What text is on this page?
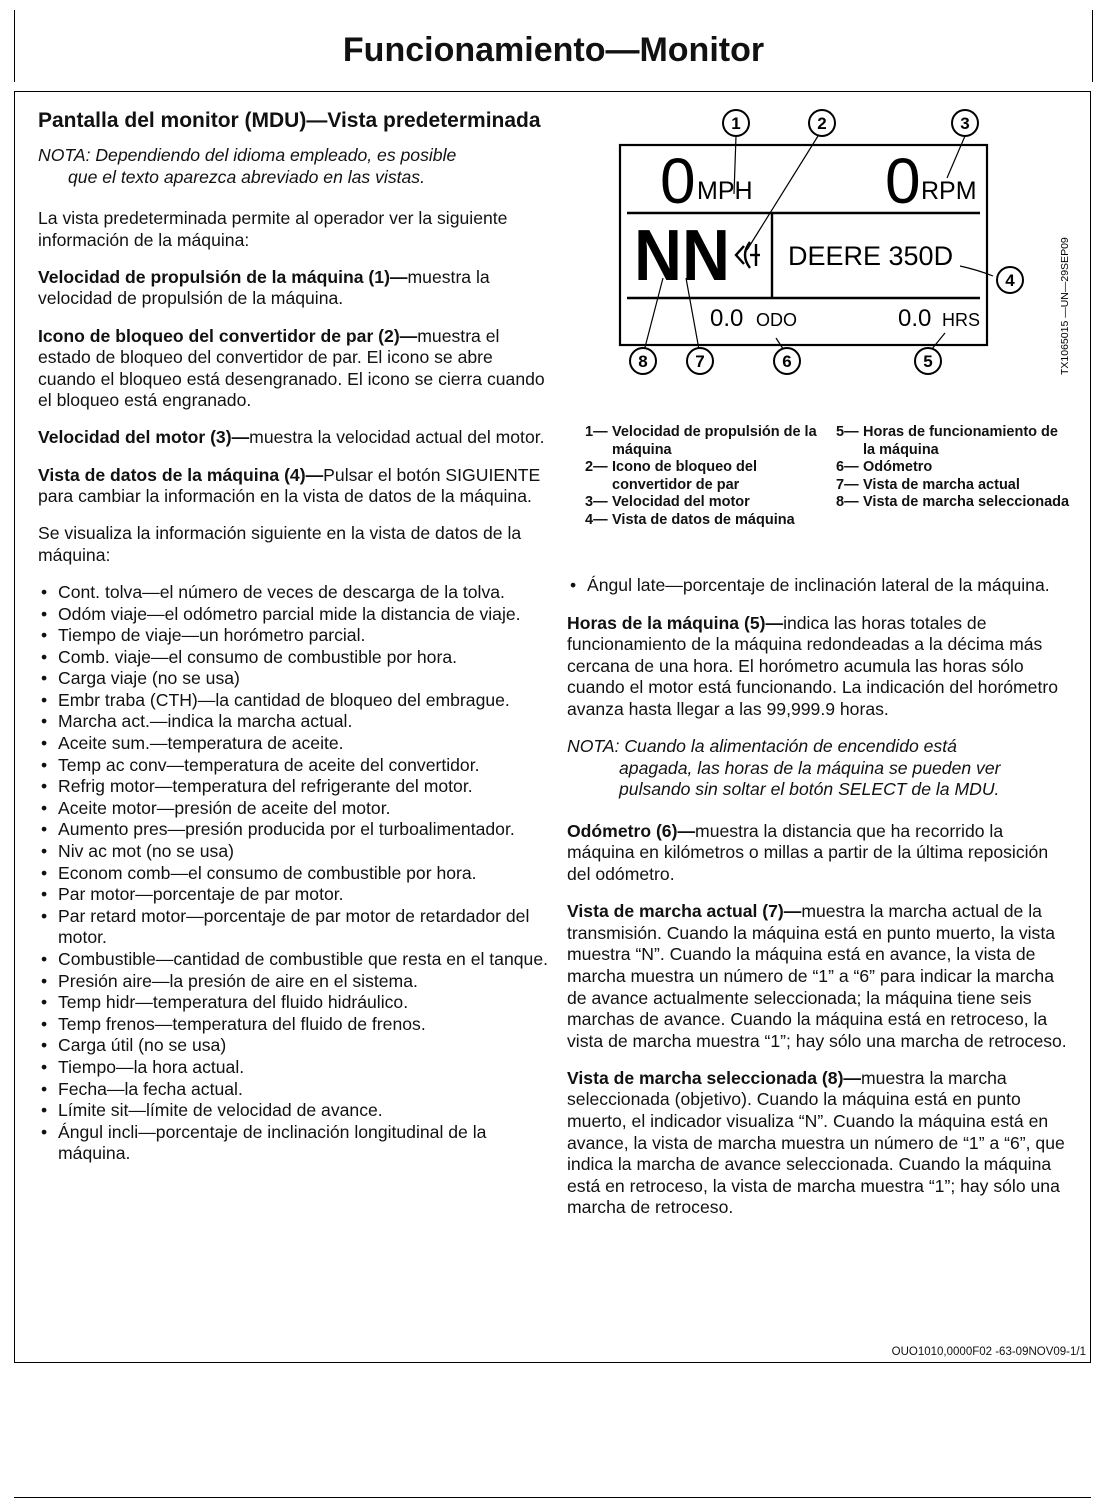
Funcionamiento—Monitor
Pantalla del monitor (MDU)—Vista predeterminada
NOTA: Dependiendo del idioma empleado, es posible
que el texto aparezca abreviado en las vistas.

La vista predeterminada permite al operador ver la siguiente información de la máquina:

Velocidad de propulsión de la máquina (1)—muestra la velocidad de propulsión de la máquina.

Icono de bloqueo del convertidor de par (2)—muestra el estado de bloqueo del convertidor de par. El icono se abre cuando el bloqueo está desengranado. El icono se cierra cuando el bloqueo está engranado.

Velocidad del motor (3)—muestra la velocidad actual del motor.

Vista de datos de la máquina (4)—Pulsar el botón SIGUIENTE para cambiar la información en la vista de datos de la máquina.

Se visualiza la información siguiente en la vista de datos de la máquina:

• Cont. tolva—el número de veces de descarga de la tolva.
• Odóm viaje—el odómetro parcial mide la distancia de viaje.
• Tiempo de viaje—un horómetro parcial.
• Comb. viaje—el consumo de combustible por hora.
• Carga viaje (no se usa)
• Embr traba (CTH)—la cantidad de bloqueo del embrague.
• Marcha act.—indica la marcha actual.
• Aceite sum.—temperatura de aceite.
• Temp ac conv—temperatura de aceite del convertidor.
• Refrig motor—temperatura del refrigerante del motor.
• Aceite motor—presión de aceite del motor.
• Aumento pres—presión producida por el turboalimentador.
• Niv ac mot (no se usa)
• Econom comb—el consumo de combustible por hora.
• Par motor—porcentaje de par motor.
• Par retard motor—porcentaje de par motor de retardador del motor.
• Combustible—cantidad de combustible que resta en el tanque.
• Presión aire—la presión de aire en el sistema.
• Temp hidr—temperatura del fluido hidráulico.
• Temp frenos—temperatura del fluido de frenos.
• Carga útil (no se usa)
• Tiempo—la hora actual.
• Fecha—la fecha actual.
• Límite sit—límite de velocidad de avance.
• Ángul incli—porcentaje de inclinación longitudinal de la máquina.
0 MPH 0 RPM
NN DEERE 350D
0.0 ODO	0.0 HRS
1	2	3
4
5
6
7
8	TX1065015 —UN—29SEP09
1— Velocidad de propulsión de la máquina
2— Icono de bloqueo del convertidor de par
3— Velocidad del motor
4— Vista de datos de máquina
5— Horas de funcionamiento de la máquina
6— Odómetro
7— Vista de marcha actual
8— Vista de marcha seleccionada
• Ángul late—porcentaje de inclinación lateral de la máquina.

Horas de la máquina (5)—indica las horas totales de funcionamiento de la máquina redondeadas a la décima más cercana de una hora. El horómetro acumula las horas sólo cuando el motor está funcionando. La indicación del horómetro avanza hasta llegar a las 99,999.9 horas.

NOTA: Cuando la alimentación de encendido está
apagada, las horas de la máquina se pueden ver pulsando sin soltar el botón SELECT de la MDU.

Odómetro (6)—muestra la distancia que ha recorrido la máquina en kilómetros o millas a partir de la última reposición del odómetro.

Vista de marcha actual (7)—muestra la marcha actual de la transmisión. Cuando la máquina está en punto muerto, la vista muestra “N”. Cuando la máquina está en avance, la vista de marcha muestra un número de “1” a “6” para indicar la marcha de avance actualmente seleccionada; la máquina tiene seis marchas de avance. Cuando la máquina está en retroceso, la vista de marcha muestra “1”; hay sólo una marcha de retroceso.

Vista de marcha seleccionada (8)—muestra la marcha seleccionada (objetivo). Cuando la máquina está en punto muerto, el indicador visualiza “N”. Cuando la máquina está en avance, la vista de marcha muestra un número de “1” a “6”, que indica la marcha de avance seleccionada. Cuando la máquina está en retroceso, la vista de marcha muestra “1”; hay sólo una marcha de retroceso.

OUO1010,0000F02 -63-09NOV09-1/1
